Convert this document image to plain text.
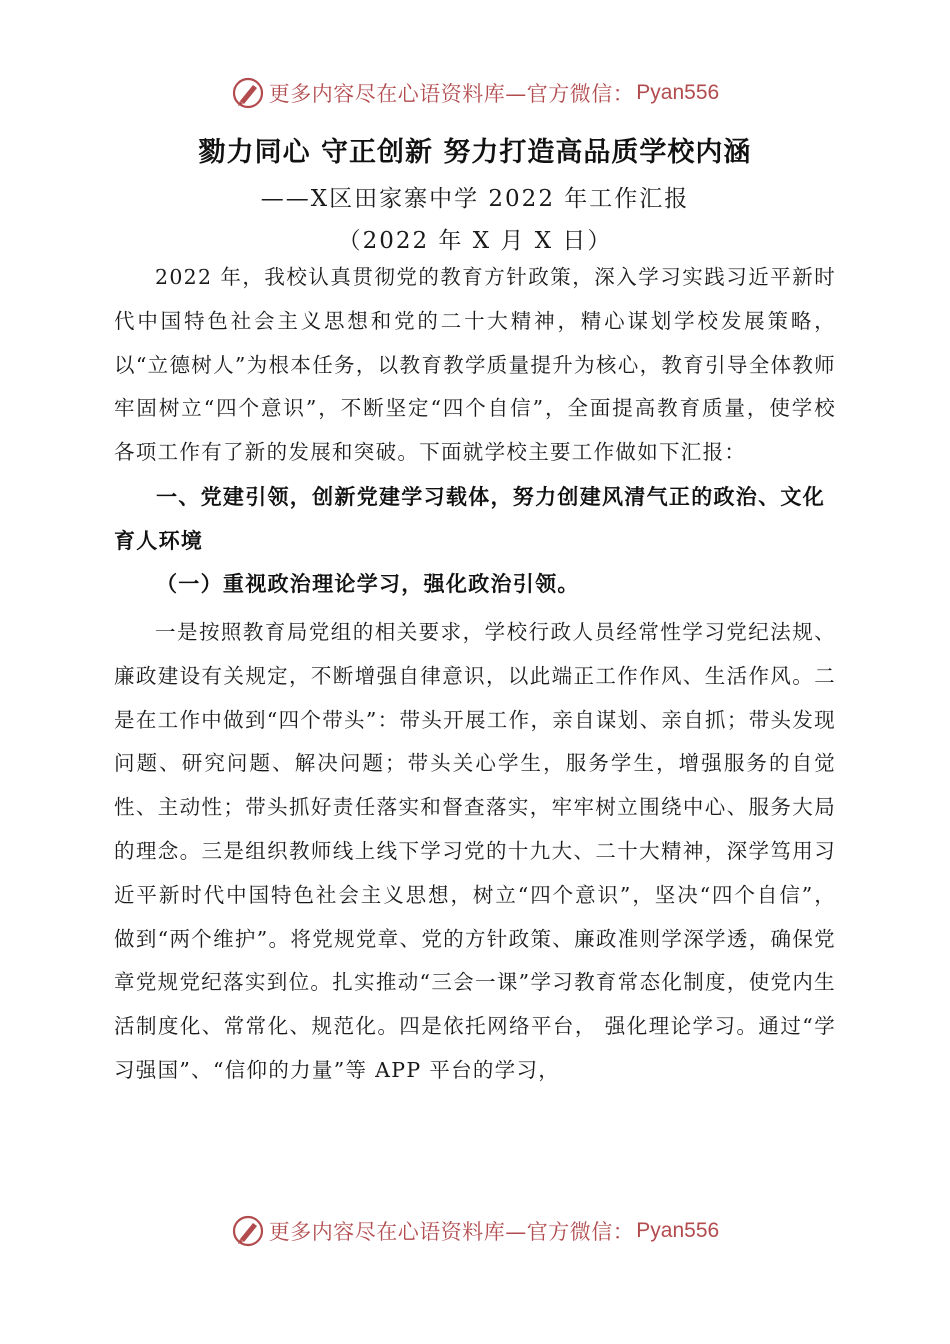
更多内容尽在心语资料库—官方微信： Pyan556
勠力同心 守正创新 努力打造高品质学校内涵
——X区田家寨中学 2022 年工作汇报
（2022 年 X 月 X 日）

2022 年，我校认真贯彻党的教育方针政策，深入学习实践习近平新时代中国特色社会主义思想和党的二十大精神，精心谋划学校发展策略，以“立德树人”为根本任务，以教育教学质量提升为核心，教育引导全体教师牢固树立“四个意识”，不断坚定“四个自信”，全面提高教育质量，使学校各项工作有了新的发展和突破。下面就学校主要工作做如下汇报：

一、党建引领，创新党建学习载体，努力创建风清气正的政治、文化育人环境
（一）重视政治理论学习，强化政治引领。

一是按照教育局党组的相关要求，学校行政人员经常性学习党纪法规、廉政建设有关规定，不断增强自律意识，以此端正工作作风、生活作风。二是在工作中做到“四个带头”：带头开展工作，亲自谋划、亲自抓；带头发现问题、研究问题、解决问题；带头关心学生，服务学生，增强服务的自觉性、主动性；带头抓好责任落实和督查落实，牢牢树立围绕中心、服务大局的理念。三是组织教师线上线下学习党的十九大、二十大精神，深学笃用习近平新时代中国特色社会主义思想，树立“四个意识”，坚决“四个自信”，做到“两个维护”。将党规党章、党的方针政策、廉政准则学深学透，确保党章党规党纪落实到位。扎实推动“三会一课”学习教育常态化制度，使党内生活制度化、常常化、规范化。四是依托网络平台， 强化理论学习。通过“学习强国”、“信仰的力量”等 APP 平台的学习，

更多内容尽在心语资料库—官方微信： Pyan556
